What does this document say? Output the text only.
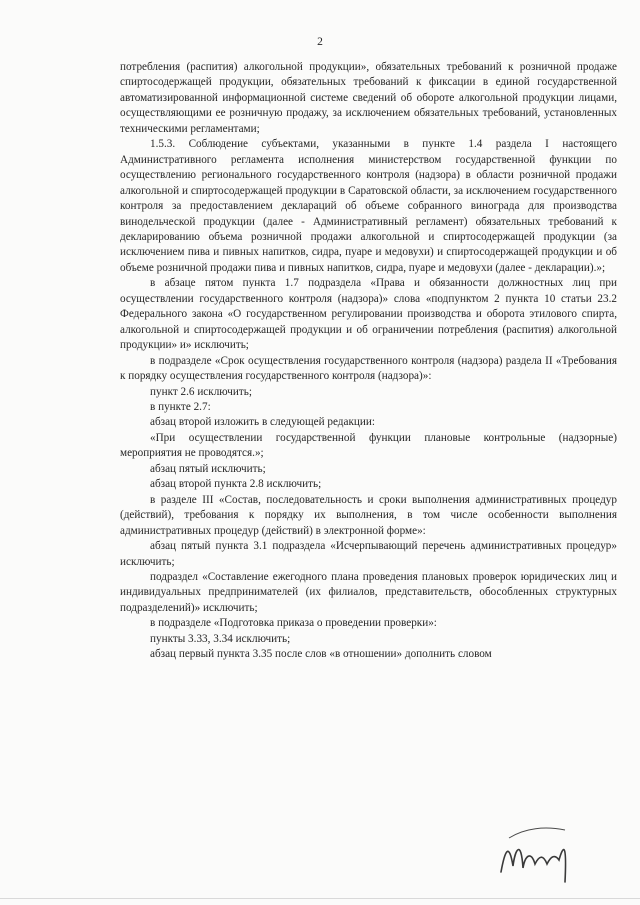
2

потребления (распития) алкогольной продукции», обязательных требований к розничной продаже спиртосодержащей продукции, обязательных требований к фиксации в единой государственной автоматизированной информационной системе сведений об обороте алкогольной продукции лицами, осуществляющими ее розничную продажу, за исключением обязательных требований, установленных техническими регламентами;

1.5.3. Соблюдение субъектами, указанными в пункте 1.4 раздела I настоящего Административного регламента исполнения министерством государственной функции по осуществлению регионального государственного контроля (надзора) в области розничной продажи алкогольной и спиртосодержащей продукции в Саратовской области, за исключением государственного контроля за предоставлением деклараций об объеме собранного винограда для производства винодельческой продукции (далее - Административный регламент) обязательных требований к декларированию объема розничной продажи алкогольной и спиртосодержащей продукции (за исключением пива и пивных напитков, сидра, пуаре и медовухи) и спиртосодержащей продукции и об объеме розничной продажи пива и пивных напитков, сидра, пуаре и медовухи (далее - декларации).»;

в абзаце пятом пункта 1.7 подраздела «Права и обязанности должностных лиц при осуществлении государственного контроля (надзора)» слова «подпунктом 2 пункта 10 статьи 23.2 Федерального закона «О государственном регулировании производства и оборота этилового спирта, алкогольной и спиртосодержащей продукции и об ограничении потребления (распития) алкогольной продукции» и» исключить;

в подразделе «Срок осуществления государственного контроля (надзора) раздела II «Требования к порядку осуществления государственного контроля (надзора)»:

пункт 2.6 исключить;

в пункте 2.7:

абзац второй изложить в следующей редакции:

«При осуществлении государственной функции плановые контрольные (надзорные) мероприятия не проводятся.»;

абзац пятый исключить;

абзац второй пункта 2.8 исключить;

в разделе III «Состав, последовательность и сроки выполнения административных процедур (действий), требования к порядку их выполнения, в том числе особенности выполнения административных процедур (действий) в электронной форме»:

абзац пятый пункта 3.1 подраздела «Исчерпывающий перечень административных процедур» исключить;

подраздел «Составление ежегодного плана проведения плановых проверок юридических лиц и индивидуальных предпринимателей (их филиалов, представительств, обособленных структурных подразделений)» исключить;

в подразделе «Подготовка приказа о проведении проверки»:

пункты 3.33, 3.34 исключить;

абзац первый пункта 3.35 после слов «в отношении» дополнить словом
